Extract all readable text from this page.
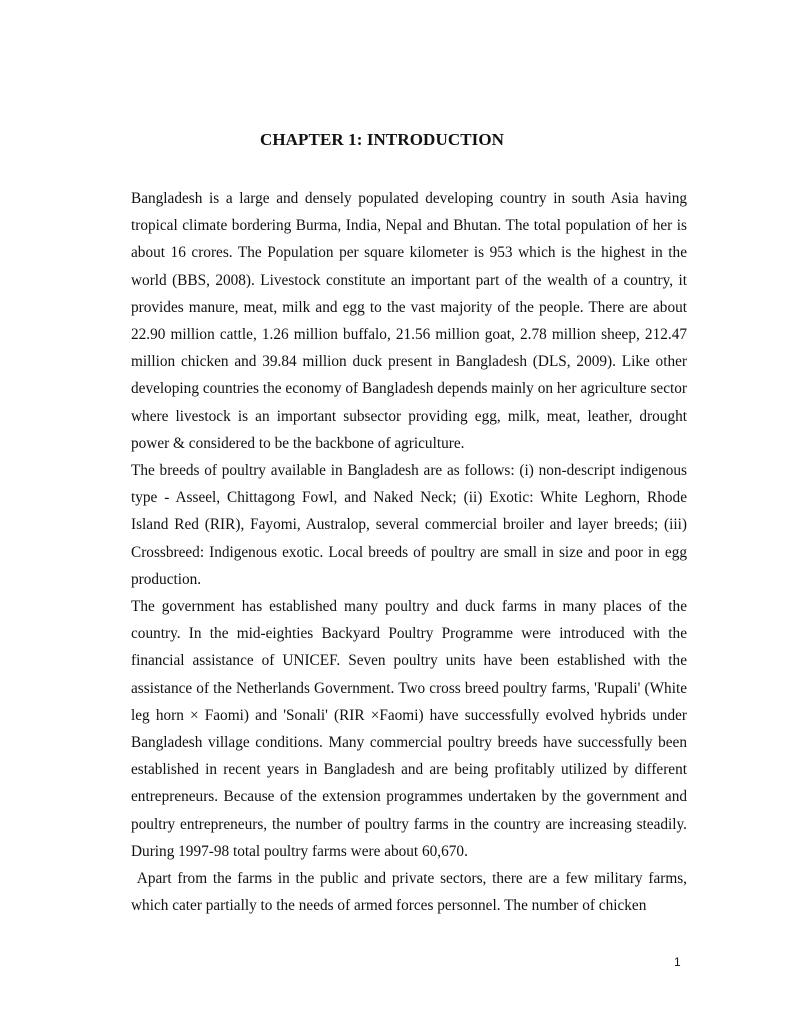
CHAPTER 1: INTRODUCTION

Bangladesh is a large and densely populated developing country in south Asia having tropical climate bordering Burma, India, Nepal and Bhutan. The total population of her is about 16 crores. The Population per square kilometer is 953 which is the highest in the world (BBS, 2008). Livestock constitute an important part of the wealth of a country, it provides manure, meat, milk and egg to the vast majority of the people. There are about 22.90 million cattle, 1.26 million buffalo, 21.56 million goat, 2.78 million sheep, 212.47 million chicken and 39.84 million duck present in Bangladesh (DLS, 2009). Like other developing countries the economy of Bangladesh depends mainly on her agriculture sector where livestock is an important subsector providing egg, milk, meat, leather, drought power & considered to be the backbone of agriculture.

The breeds of poultry available in Bangladesh are as follows: (i) non-descript indigenous type - Asseel, Chittagong Fowl, and Naked Neck; (ii) Exotic: White Leghorn, Rhode Island Red (RIR), Fayomi, Australop, several commercial broiler and layer breeds; (iii) Crossbreed: Indigenous exotic. Local breeds of poultry are small in size and poor in egg production.

The government has established many poultry and duck farms in many places of the country. In the mid-eighties Backyard Poultry Programme were introduced with the financial assistance of UNICEF. Seven poultry units have been established with the assistance of the Netherlands Government. Two cross breed poultry farms, 'Rupali' (White leg horn × Faomi) and 'Sonali' (RIR ×Faomi) have successfully evolved hybrids under Bangladesh village conditions. Many commercial poultry breeds have successfully been established in recent years in Bangladesh and are being profitably utilized by different entrepreneurs. Because of the extension programmes undertaken by the government and poultry entrepreneurs, the number of poultry farms in the country are increasing steadily. During 1997-98 total poultry farms were about 60,670.

Apart from the farms in the public and private sectors, there are a few military farms, which cater partially to the needs of armed forces personnel. The number of chicken

1
